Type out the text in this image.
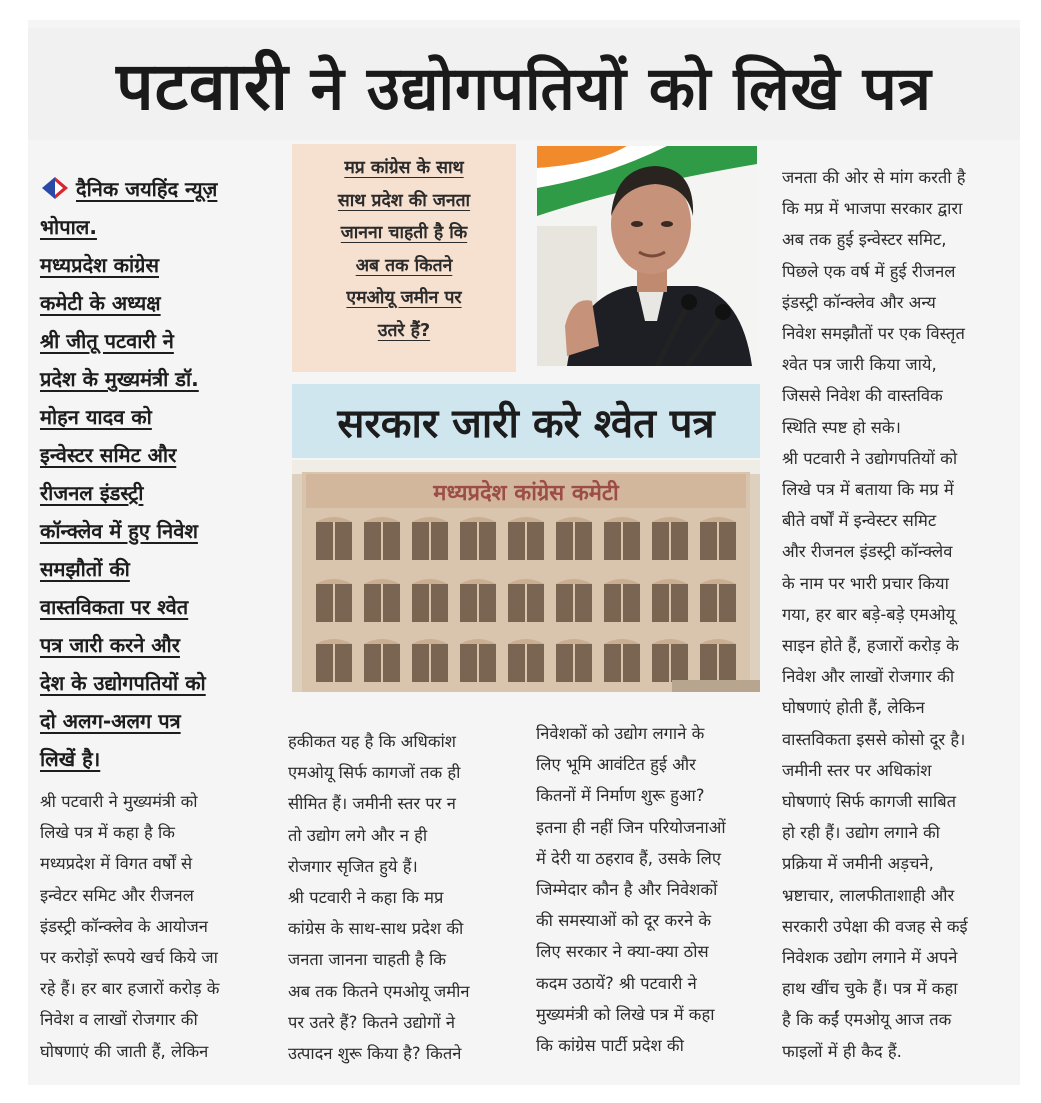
पटवारी ने उद्योगपतियों को लिखे पत्र
दैनिक जयहिंद न्यूज़ भोपाल.
मध्यप्रदेश कांग्रेस
कमेटी के अध्यक्ष
श्री जीतू पटवारी ने
प्रदेश के मुख्यमंत्री डॉ.
मोहन यादव को
इन्वेस्टर समिट और
रीजनल इंडस्ट्री
कॉन्क्लेव में हुए निवेश
समझौतों की
वास्तविकता पर श्वेत
पत्र जारी करने और
देश के उद्योगपतियों को
दो अलग-अलग पत्र
लिखें है।
मप्र कांग्रेस के साथ
साथ प्रदेश की जनता
जानना चाहती है कि
अब तक कितने
एमओयू जमीन पर
उतरे हैं?
सरकार जारी करे श्वेत पत्र
मध्यप्रदेश कांग्रेस कमेटी
श्री पटवारी ने मुख्यमंत्री को
लिखे पत्र में कहा है कि
मध्यप्रदेश में विगत वर्षों से
इन्वेटर समिट और रीजनल
इंडस्ट्री कॉन्क्लेव के आयोजन
पर करोड़ों रूपये खर्च किये जा
रहे हैं। हर बार हजारों करोड़ के
निवेश व लाखों रोजगार की
घोषणाएं की जाती हैं, लेकिन
हकीकत यह है कि अधिकांश
एमओयू सिर्फ कागजों तक ही
सीमित हैं। जमीनी स्तर पर न
तो उद्योग लगे और न ही
रोजगार सृजित हुये हैं।
श्री पटवारी ने कहा कि मप्र
कांग्रेस के साथ-साथ प्रदेश की
जनता जानना चाहती है कि
अब तक कितने एमओयू जमीन
पर उतरे हैं? कितने उद्योगों ने
उत्पादन शुरू किया है? कितने
निवेशकों को उद्योग लगाने के
लिए भूमि आवंटित हुई और
कितनों में निर्माण शुरू हुआ?
इतना ही नहीं जिन परियोजनाओं
में देरी या ठहराव हैं, उसके लिए
जिम्मेदार कौन है और निवेशकों
की समस्याओं को दूर करने के
लिए सरकार ने क्या-क्या ठोस
कदम उठायें? श्री पटवारी ने
मुख्यमंत्री को लिखे पत्र में कहा
कि कांग्रेस पार्टी प्रदेश की
जनता की ओर से मांग करती है
कि मप्र में भाजपा सरकार द्वारा
अब तक हुई इन्वेस्टर समिट,
पिछले एक वर्ष में हुई रीजनल
इंडस्ट्री कॉन्क्लेव और अन्य
निवेश समझौतों पर एक विस्तृत
श्वेत पत्र जारी किया जाये,
जिससे निवेश की वास्तविक
स्थिति स्पष्ट हो सके।
श्री पटवारी ने उद्योगपतियों को
लिखे पत्र में बताया कि मप्र में
बीते वर्षों में इन्वेस्टर समिट
और रीजनल इंडस्ट्री कॉन्क्लेव
के नाम पर भारी प्रचार किया
गया, हर बार बड़े-बड़े एमओयू
साइन होते हैं, हजारों करोड़ के
निवेश और लाखों रोजगार की
घोषणाएं होती हैं, लेकिन
वास्तविकता इससे कोसो दूर है।
जमीनी स्तर पर अधिकांश
घोषणाएं सिर्फ कागजी साबित
हो रही हैं। उद्योग लगाने की
प्रक्रिया में जमीनी अड़चने,
भ्रष्टाचार, लालफीताशाही और
सरकारी उपेक्षा की वजह से कई
निवेशक उद्योग लगाने में अपने
हाथ खींच चुके हैं। पत्र में कहा
है कि कईं एमओयू आज तक
फाइलों में ही कैद हैं.
